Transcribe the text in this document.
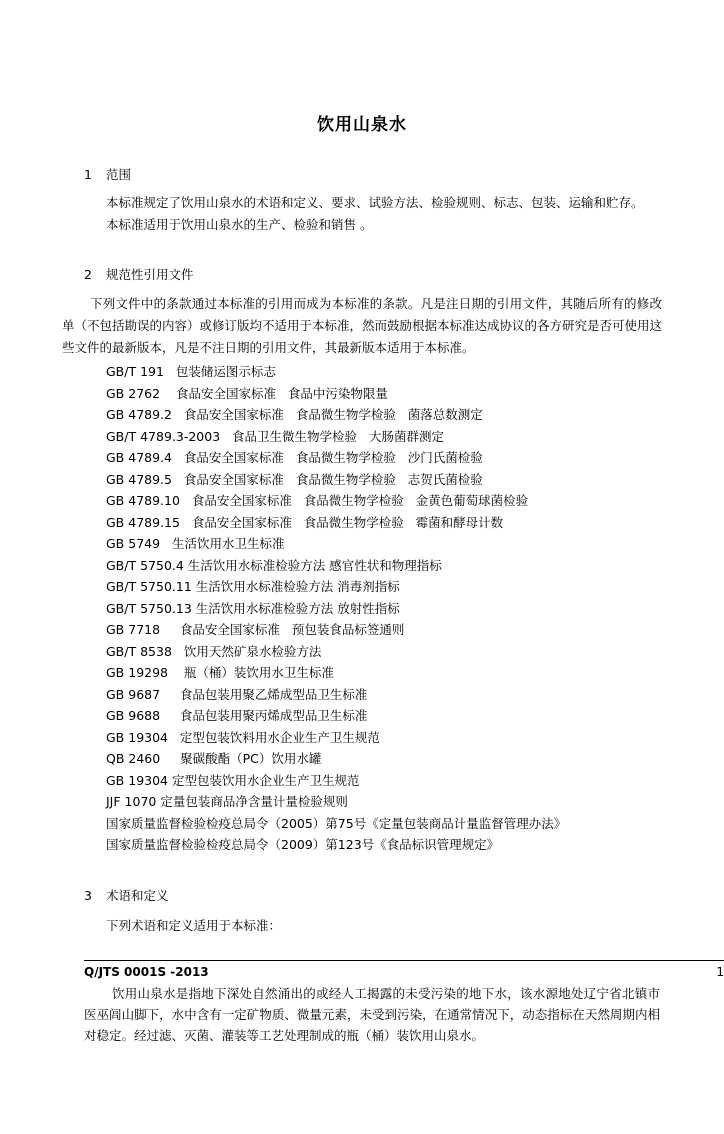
饮用山泉水
1 范围
本标准规定了饮用山泉水的术语和定义、要求、试验方法、检验规则、标志、包装、运输和贮存。
本标准适用于饮用山泉水的生产、检验和销售 。
2 规范性引用文件
下列文件中的条款通过本标准的引用而成为本标准的条款。凡是注日期的引用文件，其随后所有的修改单（不包括勘误的内容）或修订版均不适用于本标准，然而鼓励根据本标准达成协议的各方研究是否可使用这些文件的最新版本，凡是不注日期的引用文件，其最新版本适用于本标准。
GB/T 191   包装储运图示标志
GB 2762    食品安全国家标准   食品中污染物限量
GB 4789.2   食品安全国家标准   食品微生物学检验   菌落总数测定
GB/T 4789.3-2003   食品卫生微生物学检验   大肠菌群测定
GB 4789.4   食品安全国家标准   食品微生物学检验   沙门氏菌检验
GB 4789.5   食品安全国家标准   食品微生物学检验   志贺氏菌检验
GB 4789.10   食品安全国家标准   食品微生物学检验   金黄色葡萄球菌检验
GB 4789.15   食品安全国家标准   食品微生物学检验   霉菌和酵母计数
GB 5749   生活饮用水卫生标准
GB/T 5750.4 生活饮用水标准检验方法 感官性状和物理指标
GB/T 5750.11 生活饮用水标准检验方法 消毒剂指标
GB/T 5750.13 生活饮用水标准检验方法 放射性指标
GB 7718     食品安全国家标准   预包装食品标签通则
GB/T 8538   饮用天然矿泉水检验方法
GB 19298    瓶（桶）装饮用水卫生标准
GB 9687     食品包装用聚乙烯成型品卫生标准
GB 9688     食品包装用聚丙烯成型品卫生标准
GB 19304   定型包装饮料用水企业生产卫生规范
QB 2460     聚碳酸酯（PC）饮用水罐
GB 19304 定型包装饮用水企业生产卫生规范
JJF 1070 定量包装商品净含量计量检验规则
国家质量监督检验检疫总局令（2005）第75号《定量包装商品计量监督管理办法》
国家质量监督检验检疫总局令（2009）第123号《食品标识管理规定》
3 术语和定义
下列术语和定义适用于本标准：
Q/JTS 0001S -2013	1
饮用山泉水是指地下深处自然涌出的或经人工揭露的未受污染的地下水，该水源地处辽宁省北镇市医巫闾山脚下，水中含有一定矿物质、微量元素，未受到污染，在通常情况下，动态指标在天然周期内相对稳定。经过滤、灭菌、灌装等工艺处理制成的瓶（桶）装饮用山泉水。
